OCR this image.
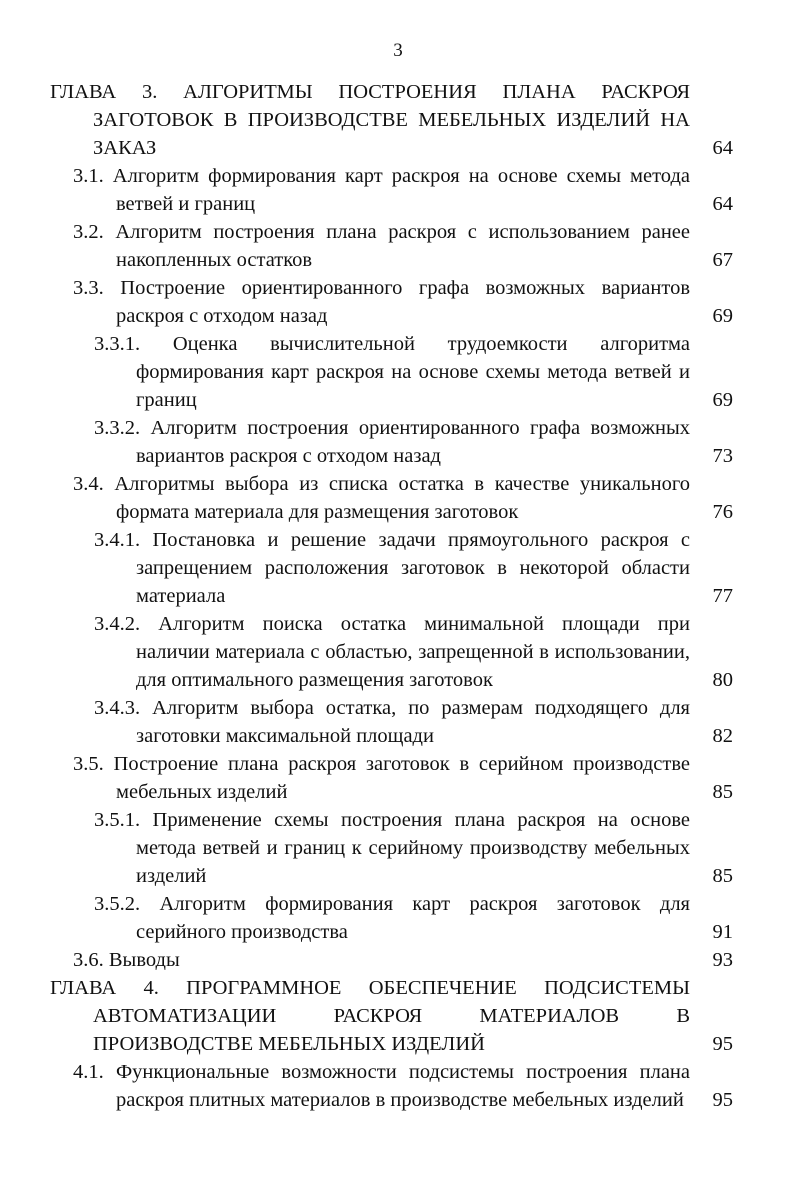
3
ГЛАВА 3. АЛГОРИТМЫ ПОСТРОЕНИЯ ПЛАНА РАСКРОЯ ЗАГОТОВОК В ПРОИЗВОДСТВЕ МЕБЕЛЬНЫХ ИЗДЕЛИЙ НА ЗАКАЗ	64
3.1. Алгоритм формирования карт раскроя на основе схемы метода ветвей и границ	64
3.2. Алгоритм построения плана раскроя с использованием ранее накопленных остатков	67
3.3. Построение ориентированного графа возможных вариантов раскроя с отходом назад	69
3.3.1. Оценка вычислительной трудоемкости алгоритма формирования карт раскроя на основе схемы метода ветвей и границ	69
3.3.2. Алгоритм построения ориентированного графа возможных вариантов раскроя с отходом назад	73
3.4. Алгоритмы выбора из списка остатка в качестве уникального формата материала для размещения заготовок	76
3.4.1. Постановка и решение задачи прямоугольного раскроя с запрещением расположения заготовок в некоторой области материала	77
3.4.2. Алгоритм поиска остатка минимальной площади при наличии материала с областью, запрещенной в использовании, для оптимального размещения заготовок	80
3.4.3. Алгоритм выбора остатка, по размерам подходящего для заготовки максимальной площади	82
3.5. Построение плана раскроя заготовок в серийном производстве мебельных изделий	85
3.5.1. Применение схемы построения плана раскроя на основе метода ветвей и границ к серийному производству мебельных изделий	85
3.5.2. Алгоритм формирования карт раскроя заготовок для серийного производства	91
3.6. Выводы	93
ГЛАВА 4. ПРОГРАММНОЕ ОБЕСПЕЧЕНИЕ ПОДСИСТЕМЫ АВТОМАТИЗАЦИИ РАСКРОЯ МАТЕРИАЛОВ В ПРОИЗВОДСТВЕ МЕБЕЛЬНЫХ ИЗДЕЛИЙ	95
4.1. Функциональные возможности подсистемы построения плана раскроя плитных материалов в производстве мебельных изделий	95
